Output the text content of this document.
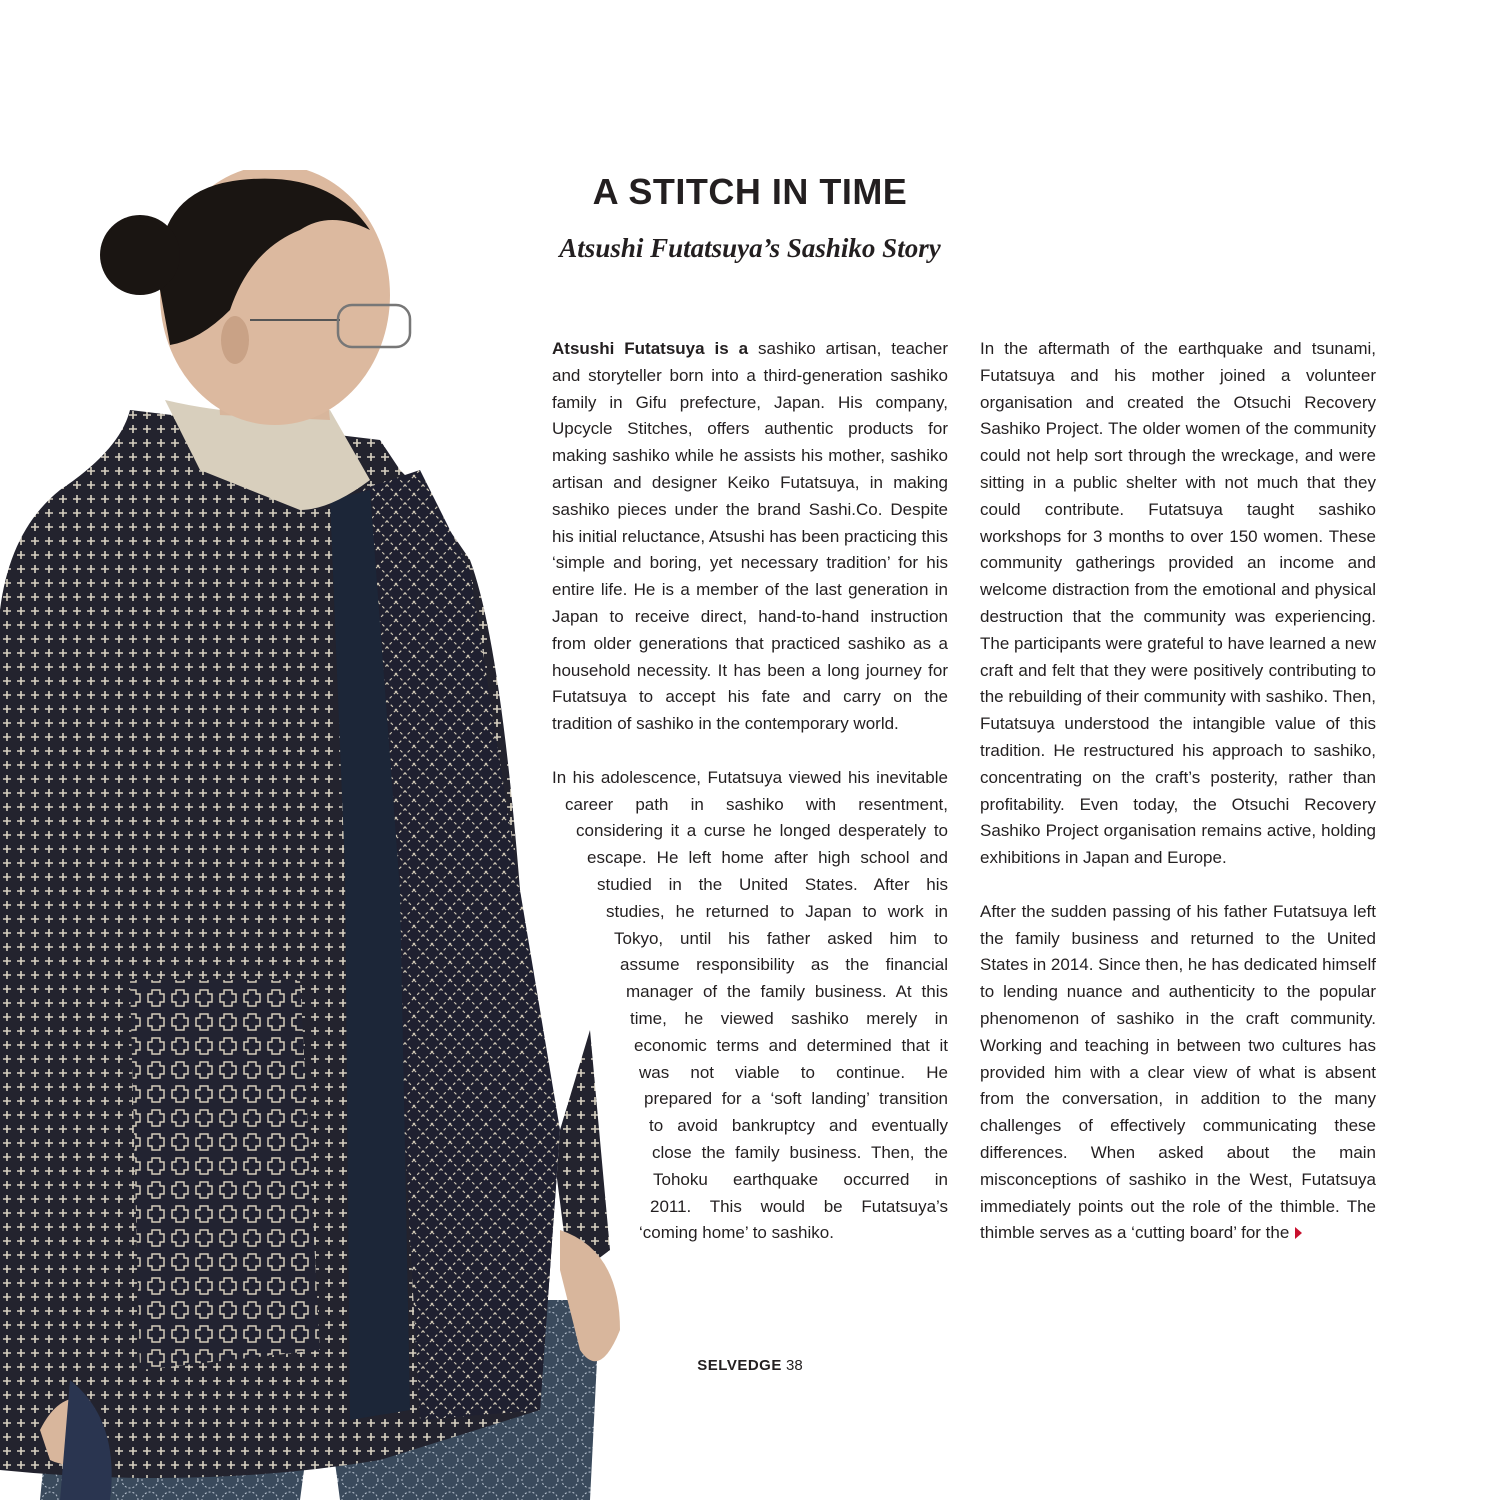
A STITCH IN TIME
Atsushi Futatsuya’s Sashiko Story

Atsushi Futatsuya is a sashiko artisan, teacher and storyteller born into a third-generation sashiko family in Gifu prefecture, Japan. His company, Upcycle Stitches, offers authentic products for making sashiko while he assists his mother, sashiko artisan and designer Keiko Futatsuya, in making sashiko pieces under the brand Sashi.Co. Despite his initial reluctance, Atsushi has been practicing this ‘simple and boring, yet necessary tradition’ for his entire life. He is a member of the last generation in Japan to receive direct, hand-to-hand instruction from older generations that practiced sashiko as a household necessity. It has been a long journey for Futatsuya to accept his fate and carry on the tradition of sashiko in the contemporary world.

In his adolescence, Futatsuya viewed his inevitable
career path in sashiko with resentment,
considering it a curse he longed desperately to
escape. He left home after high school and
studied in the United States. After his
studies, he returned to Japan to work in
Tokyo, until his father asked him to
assume responsibility as the financial
manager of the family business. At this
time, he viewed sashiko merely in
economic terms and determined that it
was not viable to continue. He
prepared for a ‘soft landing’ transition
to avoid bankruptcy and eventually
close the family business. Then, the
Tohoku earthquake occurred in
2011. This would be Futatsuya’s
‘coming home’ to sashiko.

In the aftermath of the earthquake and tsunami, Futatsuya and his mother joined a volunteer organisation and created the Otsuchi Recovery Sashiko Project. The older women of the community could not help sort through the wreckage, and were sitting in a public shelter with not much that they could contribute. Futatsuya taught sashiko workshops for 3 months to over 150 women. These community gatherings provided an income and welcome distraction from the emotional and physical destruction that the community was experiencing. The participants were grateful to have learned a new craft and felt that they were positively contributing to the rebuilding of their community with sashiko. Then, Futatsuya understood the intangible value of this tradition. He restructured his approach to sashiko, concentrating on the craft’s posterity, rather than profitability. Even today, the Otsuchi Recovery Sashiko Project organisation remains active, holding exhibitions in Japan and Europe.

After the sudden passing of his father Futatsuya left the family business and returned to the United States in 2014. Since then, he has dedicated himself to lending nuance and authenticity to the popular phenomenon of sashiko in the craft community. Working and teaching in between two cultures has provided him with a clear view of what is absent from the conversation, in addition to the many challenges of effectively communicating these differences. When asked about the main misconceptions of sashiko in the West, Futatsuya immediately points out the role of the thimble. The thimble serves as a ‘cutting board’ for the

SELVEDGE 38
